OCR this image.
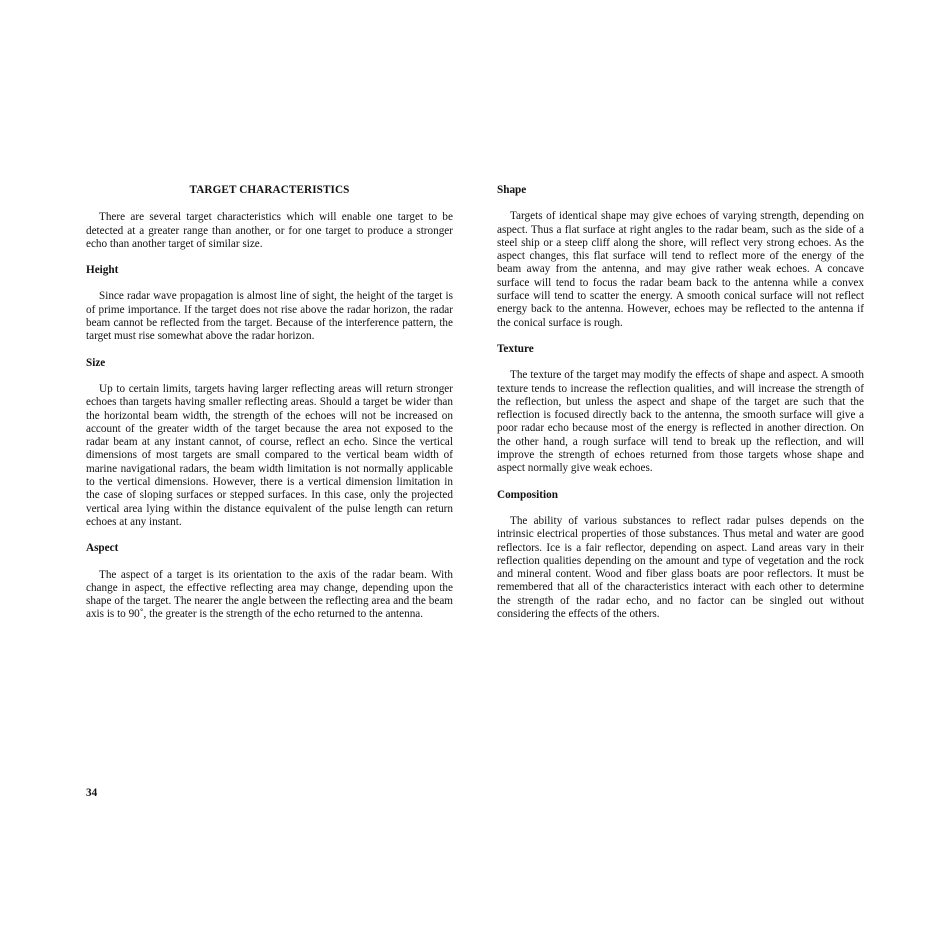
TARGET CHARACTERISTICS

There are several target characteristics which will enable one target to be detected at a greater range than another, or for one target to produce a stronger echo than another target of similar size.

Height

Since radar wave propagation is almost line of sight, the height of the target is of prime importance. If the target does not rise above the radar horizon, the radar beam cannot be reflected from the target. Because of the interference pattern, the target must rise somewhat above the radar horizon.

Size

Up to certain limits, targets having larger reflecting areas will return stronger echoes than targets having smaller reflecting areas. Should a target be wider than the horizontal beam width, the strength of the echoes will not be increased on account of the greater width of the target because the area not exposed to the radar beam at any instant cannot, of course, reflect an echo. Since the vertical dimensions of most targets are small compared to the vertical beam width of marine navigational radars, the beam width limitation is not normally applicable to the vertical dimensions. However, there is a vertical dimension limitation in the case of sloping surfaces or stepped surfaces. In this case, only the projected vertical area lying within the distance equivalent of the pulse length can return echoes at any instant.

Aspect

The aspect of a target is its orientation to the axis of the radar beam. With change in aspect, the effective reflecting area may change, depending upon the shape of the target. The nearer the angle between the reflecting area and the beam axis is to 90˚, the greater is the strength of the echo returned to the antenna.

Shape

Targets of identical shape may give echoes of varying strength, depending on aspect. Thus a flat surface at right angles to the radar beam, such as the side of a steel ship or a steep cliff along the shore, will reflect very strong echoes. As the aspect changes, this flat surface will tend to reflect more of the energy of the beam away from the antenna, and may give rather weak echoes. A concave surface will tend to focus the radar beam back to the antenna while a convex surface will tend to scatter the energy. A smooth conical surface will not reflect energy back to the antenna. However, echoes may be reflected to the antenna if the conical surface is rough.

Texture

The texture of the target may modify the effects of shape and aspect. A smooth texture tends to increase the reflection qualities, and will increase the strength of the reflection, but unless the aspect and shape of the target are such that the reflection is focused directly back to the antenna, the smooth surface will give a poor radar echo because most of the energy is reflected in another direction. On the other hand, a rough surface will tend to break up the reflection, and will improve the strength of echoes returned from those targets whose shape and aspect normally give weak echoes.

Composition

The ability of various substances to reflect radar pulses depends on the intrinsic electrical properties of those substances. Thus metal and water are good reflectors. Ice is a fair reflector, depending on aspect. Land areas vary in their reflection qualities depending on the amount and type of vegetation and the rock and mineral content. Wood and fiber glass boats are poor reflectors. It must be remembered that all of the characteristics interact with each other to determine the strength of the radar echo, and no factor can be singled out without considering the effects of the others.

34
